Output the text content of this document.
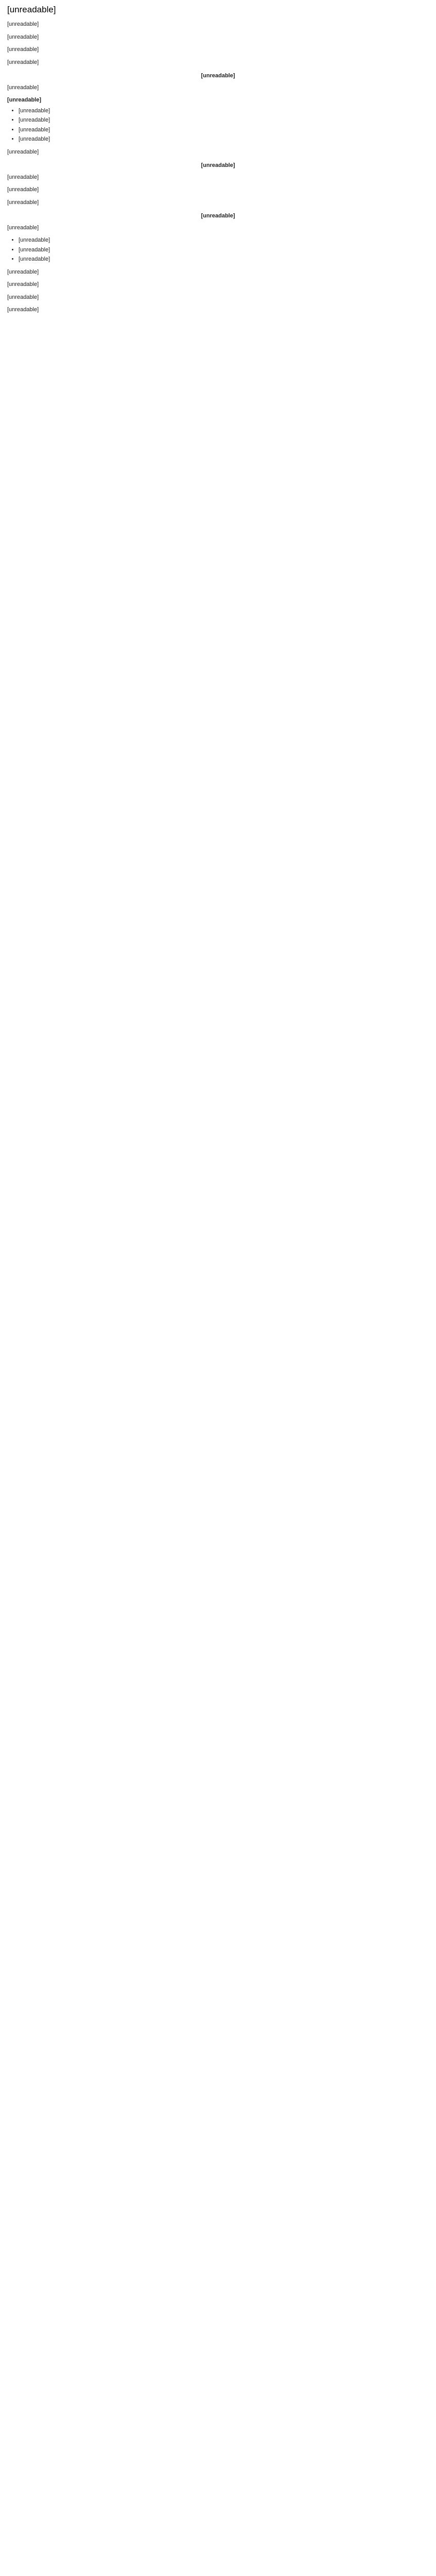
[unreadable]

[unreadable]

[unreadable]

[unreadable]

[unreadable]

[unreadable]

[unreadable]

[unreadable]

• [unreadable]
• [unreadable]
• [unreadable]
• [unreadable]

[unreadable]

[unreadable]

[unreadable]

[unreadable]

[unreadable]

[unreadable]

[unreadable]

• [unreadable]
• [unreadable]
• [unreadable]

[unreadable]

[unreadable]

[unreadable]

[unreadable]
